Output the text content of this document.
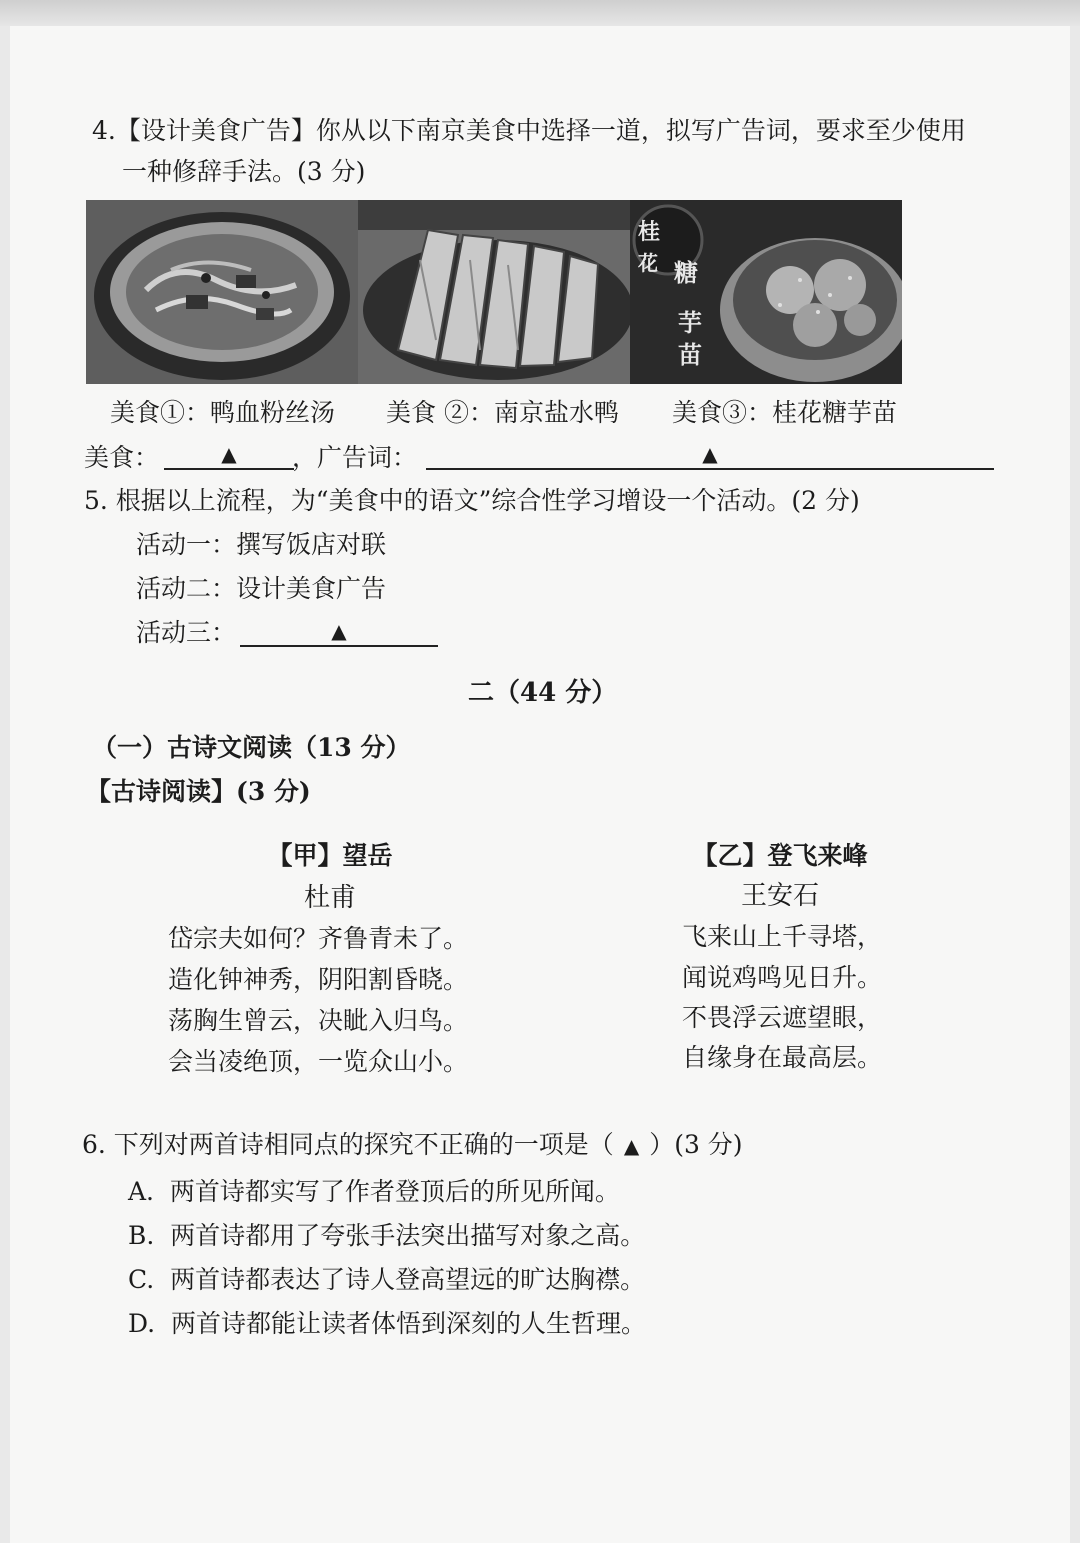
4.【设计美食广告】你从以下南京美食中选择一道，拟写广告词，要求至少使用
一种修辞手法。(3 分)
桂
花 糖
芋
苗
美食①：鸭血粉丝汤 美食 ②：南京盐水鸭 美食③：桂花糖芋苗
美食：	▲	，广告词：	▲
5. 根据以上流程，为“美食中的语文”综合性学习增设一个活动。(2 分)
活动一：撰写饭店对联
活动二：设计美食广告
活动三：	▲
二（44 分）
（一）古诗文阅读（13 分）
【古诗阅读】(3 分)
【甲】望岳
杜甫
岱宗夫如何？齐鲁青未了。
造化钟神秀，阴阳割昏晓。
荡胸生曾云，决眦入归鸟。
会当凌绝顶，一览众山小。
【乙】登飞来峰
王安石
飞来山上千寻塔，
闻说鸡鸣见日升。
不畏浮云遮望眼，
自缘身在最高层。
6. 下列对两首诗相同点的探究不正确的一项是（ ▲ ）(3 分)
A. 两首诗都实写了作者登顶后的所见所闻。
B. 两首诗都用了夸张手法突出描写对象之高。
C. 两首诗都表达了诗人登高望远的旷达胸襟。
D. 两首诗都能让读者体悟到深刻的人生哲理。
